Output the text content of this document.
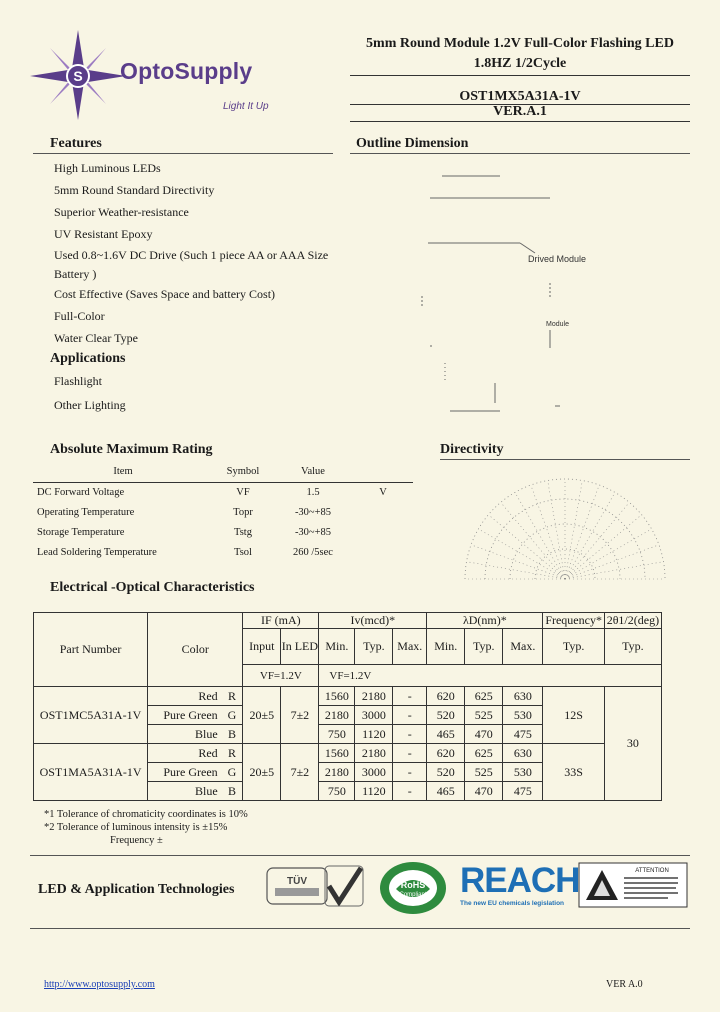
S OptoSupply
Light It Up
5mm Round Module 1.2V Full-Color Flashing LED
1.8HZ 1/2Cycle
OST1MX5A31A-1V
VER.A.1
Features
High Luminous LEDs
5mm Round Standard Directivity
Superior Weather-resistance
UV Resistant Epoxy
Used 0.8~1.6V DC Drive (Such 1 piece AA or AAA Size
Battery )
Cost Effective (Saves Space and battery Cost)
Full-Color
Water Clear Type
Applications
Flashlight
Other Lighting
Outline Dimension
Drived Module
Module
Absolute Maximum Rating
Item	Symbol	Value	
DC Forward Voltage	VF	1.5	V
Operating Temperature	Topr	-30~+85	
Storage Temperature	Tstg	-30~+85	
Lead Soldering Temperature	Tsol	260 /5sec	
Directivity
Electrical -Optical Characteristics
Part Number	Color		IF (mA)		Iv(mcd)*			λD(nm)*			Frequency*	2θ1/2(deg)
			Input	In LED	Min.	Typ.	Max.	Min.	Typ.	Max.	Typ.	Typ.
			VF=1.2V		VF=1.2V							
OST1MC5A31A-1V	Red	R	20±5	7±2	1560	2180	-	620	625	630	12S	30
	Pure Green	G			2180	3000	-	520	525	530		
	Blue	B			750	1120	-	465	470	475		
OST1MA5A31A-1V	Red	R	20±5	7±2	1560	2180	-	620	625	630	33S	
	Pure Green	G			2180	3000	-	520	525	530		
	Blue	B			750	1120	-	465	470	475		
*1 Tolerance of chromaticity coordinates is 10%
*2 Tolerance of luminous intensity is ±15%
Frequency ±
LED & Application Technologies
TÜV	RoHS
Compliant REACH
The new EU chemicals legislation
ATTENTION
http://www.optosupply.com	VER A.0
